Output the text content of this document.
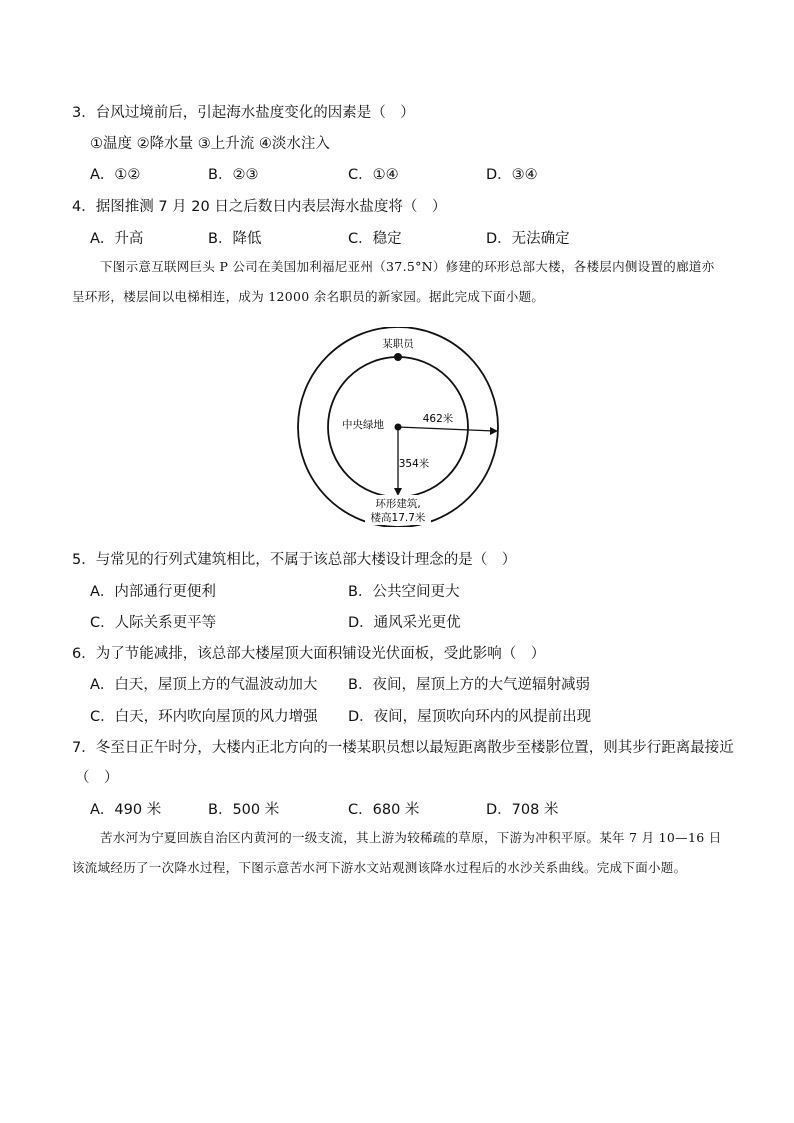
3．台风过境前后，引起海水盐度变化的因素是（　）
①温度 ②降水量 ③上升流 ④淡水注入
A．①②	B．②③	C．①④	D．③④
4．据图推测 7 月 20 日之后数日内表层海水盐度将（　）
A．升高	B．降低	C．稳定	D．无法确定
下图示意互联网巨头 P 公司在美国加利福尼亚州（37.5°N）修建的环形总部大楼，各楼层内侧设置的廊道亦呈环形，楼层间以电梯相连，成为 12000 余名职员的新家园。据此完成下面小题。
某职员
中央绿地	462米
354米
环形建筑,
楼高17.7米
5．与常见的行列式建筑相比，不属于该总部大楼设计理念的是（　）
A．内部通行更便利	B．公共空间更大
C．人际关系更平等	D．通风采光更优
6．为了节能减排，该总部大楼屋顶大面积铺设光伏面板，受此影响（　）
A．白天，屋顶上方的气温波动加大 B．夜间，屋顶上方的大气逆辐射减弱
C．白天，环内吹向屋顶的风力增强 D．夜间，屋顶吹向环内的风提前出现
7．冬至日正午时分，大楼内正北方向的一楼某职员想以最短距离散步至楼影位置，则其步行距离最接近
（　）
A．490 米	B．500 米	C．680 米	D．708 米
苦水河为宁夏回族自治区内黄河的一级支流，其上游为较稀疏的草原，下游为冲积平原。某年 7 月 10—16 日该流域经历了一次降水过程，下图示意苦水河下游水文站观测该降水过程后的水沙关系曲线。完成下面小题。
